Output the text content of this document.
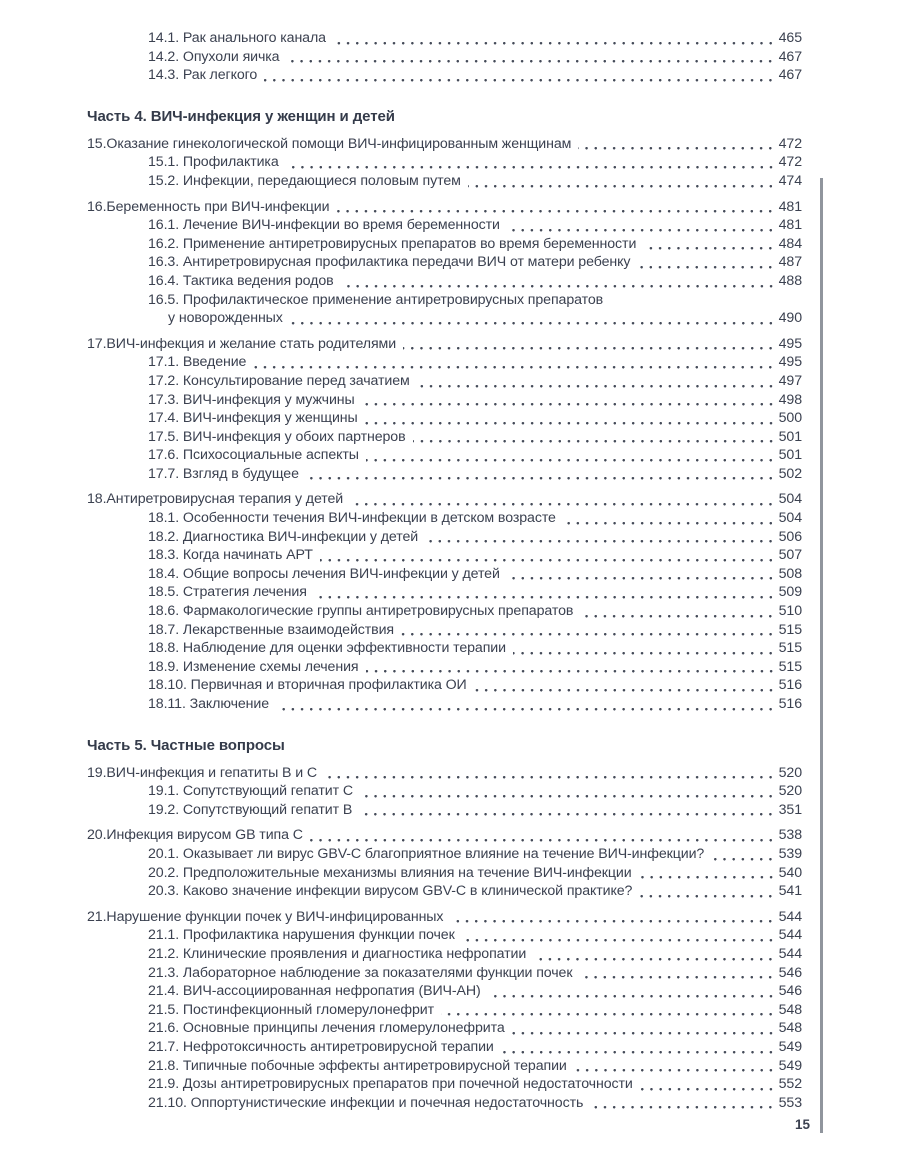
14.1. Рак анального канала	465
14.2. Опухоли яичка	467
14.3. Рак легкого	467
Часть 4. ВИЧ-инфекция у женщин и детей
15.Оказание гинекологической помощи ВИЧ-инфицированным женщинам	472
15.1. Профилактика	472
15.2. Инфекции, передающиеся половым путем	474
16.Беременность при ВИЧ-инфекции	481
16.1. Лечение ВИЧ-инфекции во время беременности	481
16.2. Применение антиретровирусных препаратов во время беременности	484
16.3. Антиретровирусная профилактика передачи ВИЧ от матери ребенку	487
16.4. Тактика ведения родов	488
16.5. Профилактическое применение антиретровирусных препаратов
у новорожденных	490
17.ВИЧ-инфекция и желание стать родителями	495
17.1. Введение	495
17.2. Консультирование перед зачатием	497
17.3. ВИЧ-инфекция у мужчины	498
17.4. ВИЧ-инфекция у женщины	500
17.5. ВИЧ-инфекция у обоих партнеров	501
17.6. Психосоциальные аспекты	501
17.7. Взгляд в будущее	502
18.Антиретровирусная терапия у детей	504
18.1. Особенности течения ВИЧ-инфекции в детском возрасте	504
18.2. Диагностика ВИЧ-инфекции у детей	506
18.3. Когда начинать АРТ	507
18.4. Общие вопросы лечения ВИЧ-инфекции у детей	508
18.5. Стратегия лечения	509
18.6. Фармакологические группы антиретровирусных препаратов	510
18.7. Лекарственные взаимодействия	515
18.8. Наблюдение для оценки эффективности терапии	515
18.9. Изменение схемы лечения	515
18.10. Первичная и вторичная профилактика ОИ	516
18.11. Заключение	516
Часть 5. Частные вопросы
19.ВИЧ-инфекция и гепатиты B и C	520
19.1. Сопутствующий гепатит C	520
19.2. Сопутствующий гепатит B	351
20.Инфекция вирусом GB типа C	538
20.1. Оказывает ли вирус GBV-C благоприятное влияние на течение ВИЧ-инфекции?	539
20.2. Предположительные механизмы влияния на течение ВИЧ-инфекции	540
20.3. Каково значение инфекции вирусом GBV-C в клинической практике?	541
21.Нарушение функции почек у ВИЧ-инфицированных	544
21.1. Профилактика нарушения функции почек	544
21.2. Клинические проявления и диагностика нефропатии	544
21.3. Лабораторное наблюдение за показателями функции почек	546
21.4. ВИЧ-ассоциированная нефропатия (ВИЧ-АН)	546
21.5. Постинфекционный гломерулонефрит	548
21.6. Основные принципы лечения гломерулонефрита	548
21.7. Нефротоксичность антиретровирусной терапии	549
21.8. Типичные побочные эффекты антиретровирусной терапии	549
21.9. Дозы антиретровирусных препаратов при почечной недостаточности	552
21.10. Оппортунистические инфекции и почечная недостаточность	553
15
